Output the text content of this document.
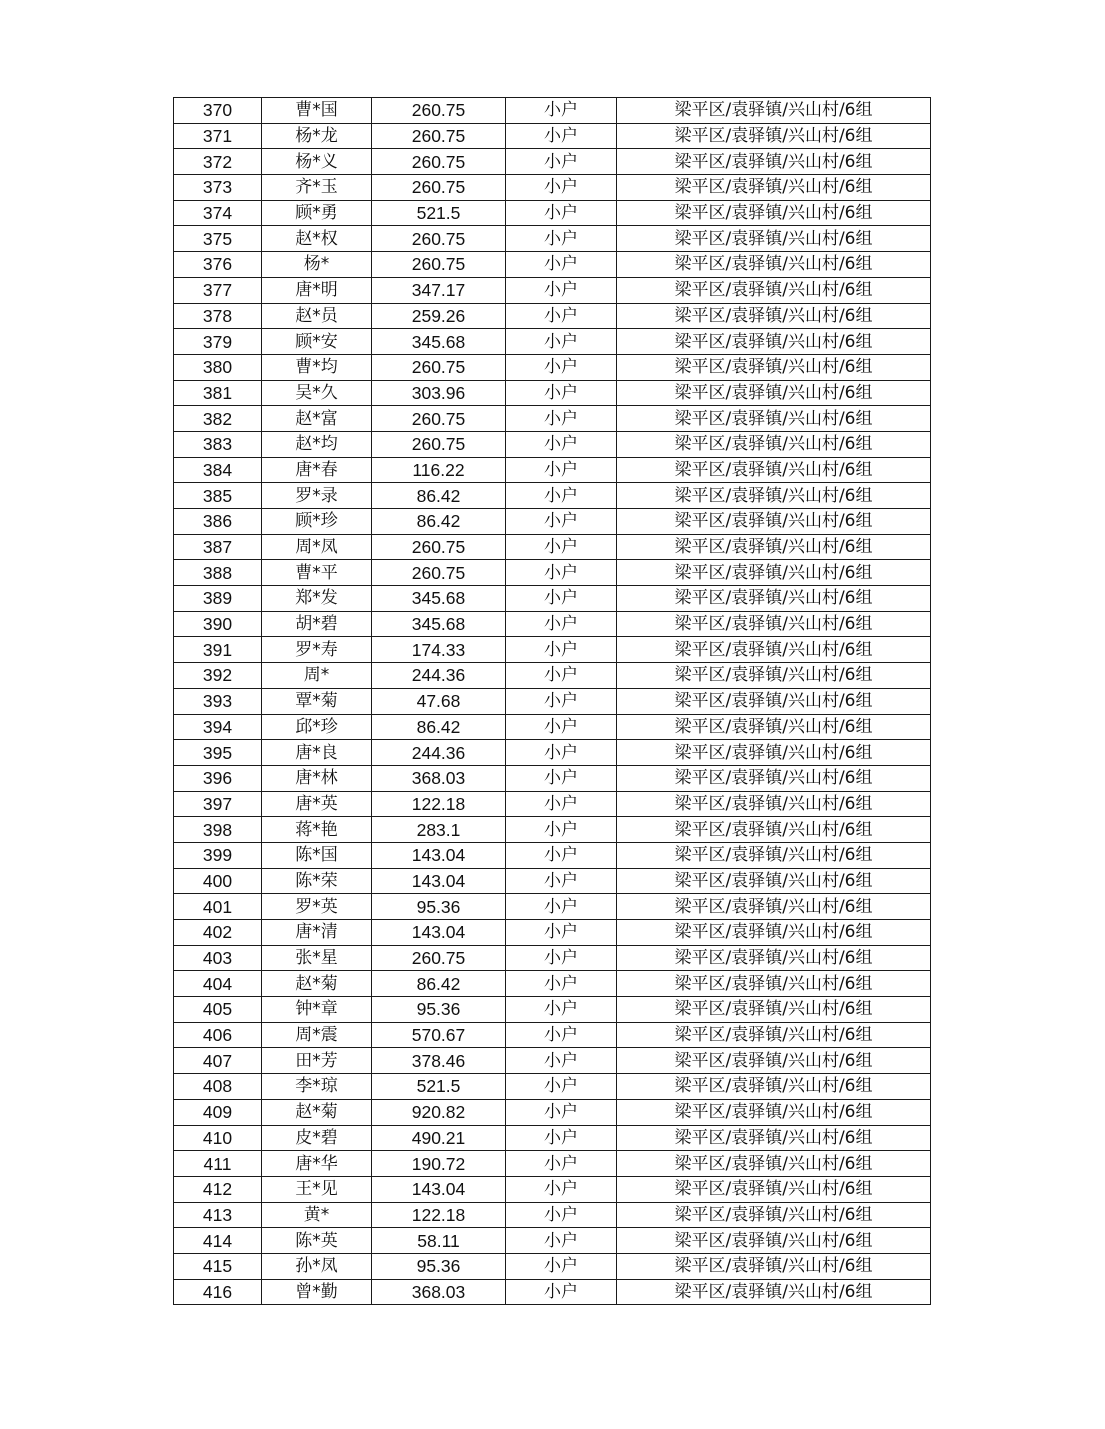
370	曹*国	260.75	小户	梁平区/袁驿镇/兴山村/6组
371	杨*龙	260.75	小户	梁平区/袁驿镇/兴山村/6组
372	杨*义	260.75	小户	梁平区/袁驿镇/兴山村/6组
373	齐*玉	260.75	小户	梁平区/袁驿镇/兴山村/6组
374	顾*勇	521.5	小户	梁平区/袁驿镇/兴山村/6组
375	赵*权	260.75	小户	梁平区/袁驿镇/兴山村/6组
376	杨*	260.75	小户	梁平区/袁驿镇/兴山村/6组
377	唐*明	347.17	小户	梁平区/袁驿镇/兴山村/6组
378	赵*员	259.26	小户	梁平区/袁驿镇/兴山村/6组
379	顾*安	345.68	小户	梁平区/袁驿镇/兴山村/6组
380	曹*均	260.75	小户	梁平区/袁驿镇/兴山村/6组
381	吴*久	303.96	小户	梁平区/袁驿镇/兴山村/6组
382	赵*富	260.75	小户	梁平区/袁驿镇/兴山村/6组
383	赵*均	260.75	小户	梁平区/袁驿镇/兴山村/6组
384	唐*春	116.22	小户	梁平区/袁驿镇/兴山村/6组
385	罗*录	86.42	小户	梁平区/袁驿镇/兴山村/6组
386	顾*珍	86.42	小户	梁平区/袁驿镇/兴山村/6组
387	周*凤	260.75	小户	梁平区/袁驿镇/兴山村/6组
388	曹*平	260.75	小户	梁平区/袁驿镇/兴山村/6组
389	郑*发	345.68	小户	梁平区/袁驿镇/兴山村/6组
390	胡*碧	345.68	小户	梁平区/袁驿镇/兴山村/6组
391	罗*寿	174.33	小户	梁平区/袁驿镇/兴山村/6组
392	周*	244.36	小户	梁平区/袁驿镇/兴山村/6组
393	覃*菊	47.68	小户	梁平区/袁驿镇/兴山村/6组
394	邱*珍	86.42	小户	梁平区/袁驿镇/兴山村/6组
395	唐*良	244.36	小户	梁平区/袁驿镇/兴山村/6组
396	唐*林	368.03	小户	梁平区/袁驿镇/兴山村/6组
397	唐*英	122.18	小户	梁平区/袁驿镇/兴山村/6组
398	蒋*艳	283.1	小户	梁平区/袁驿镇/兴山村/6组
399	陈*国	143.04	小户	梁平区/袁驿镇/兴山村/6组
400	陈*荣	143.04	小户	梁平区/袁驿镇/兴山村/6组
401	罗*英	95.36	小户	梁平区/袁驿镇/兴山村/6组
402	唐*清	143.04	小户	梁平区/袁驿镇/兴山村/6组
403	张*星	260.75	小户	梁平区/袁驿镇/兴山村/6组
404	赵*菊	86.42	小户	梁平区/袁驿镇/兴山村/6组
405	钟*章	95.36	小户	梁平区/袁驿镇/兴山村/6组
406	周*震	570.67	小户	梁平区/袁驿镇/兴山村/6组
407	田*芳	378.46	小户	梁平区/袁驿镇/兴山村/6组
408	李*琼	521.5	小户	梁平区/袁驿镇/兴山村/6组
409	赵*菊	920.82	小户	梁平区/袁驿镇/兴山村/6组
410	皮*碧	490.21	小户	梁平区/袁驿镇/兴山村/6组
411	唐*华	190.72	小户	梁平区/袁驿镇/兴山村/6组
412	王*见	143.04	小户	梁平区/袁驿镇/兴山村/6组
413	黄*	122.18	小户	梁平区/袁驿镇/兴山村/6组
414	陈*英	58.11	小户	梁平区/袁驿镇/兴山村/6组
415	孙*凤	95.36	小户	梁平区/袁驿镇/兴山村/6组
416	曾*勤	368.03	小户	梁平区/袁驿镇/兴山村/6组
